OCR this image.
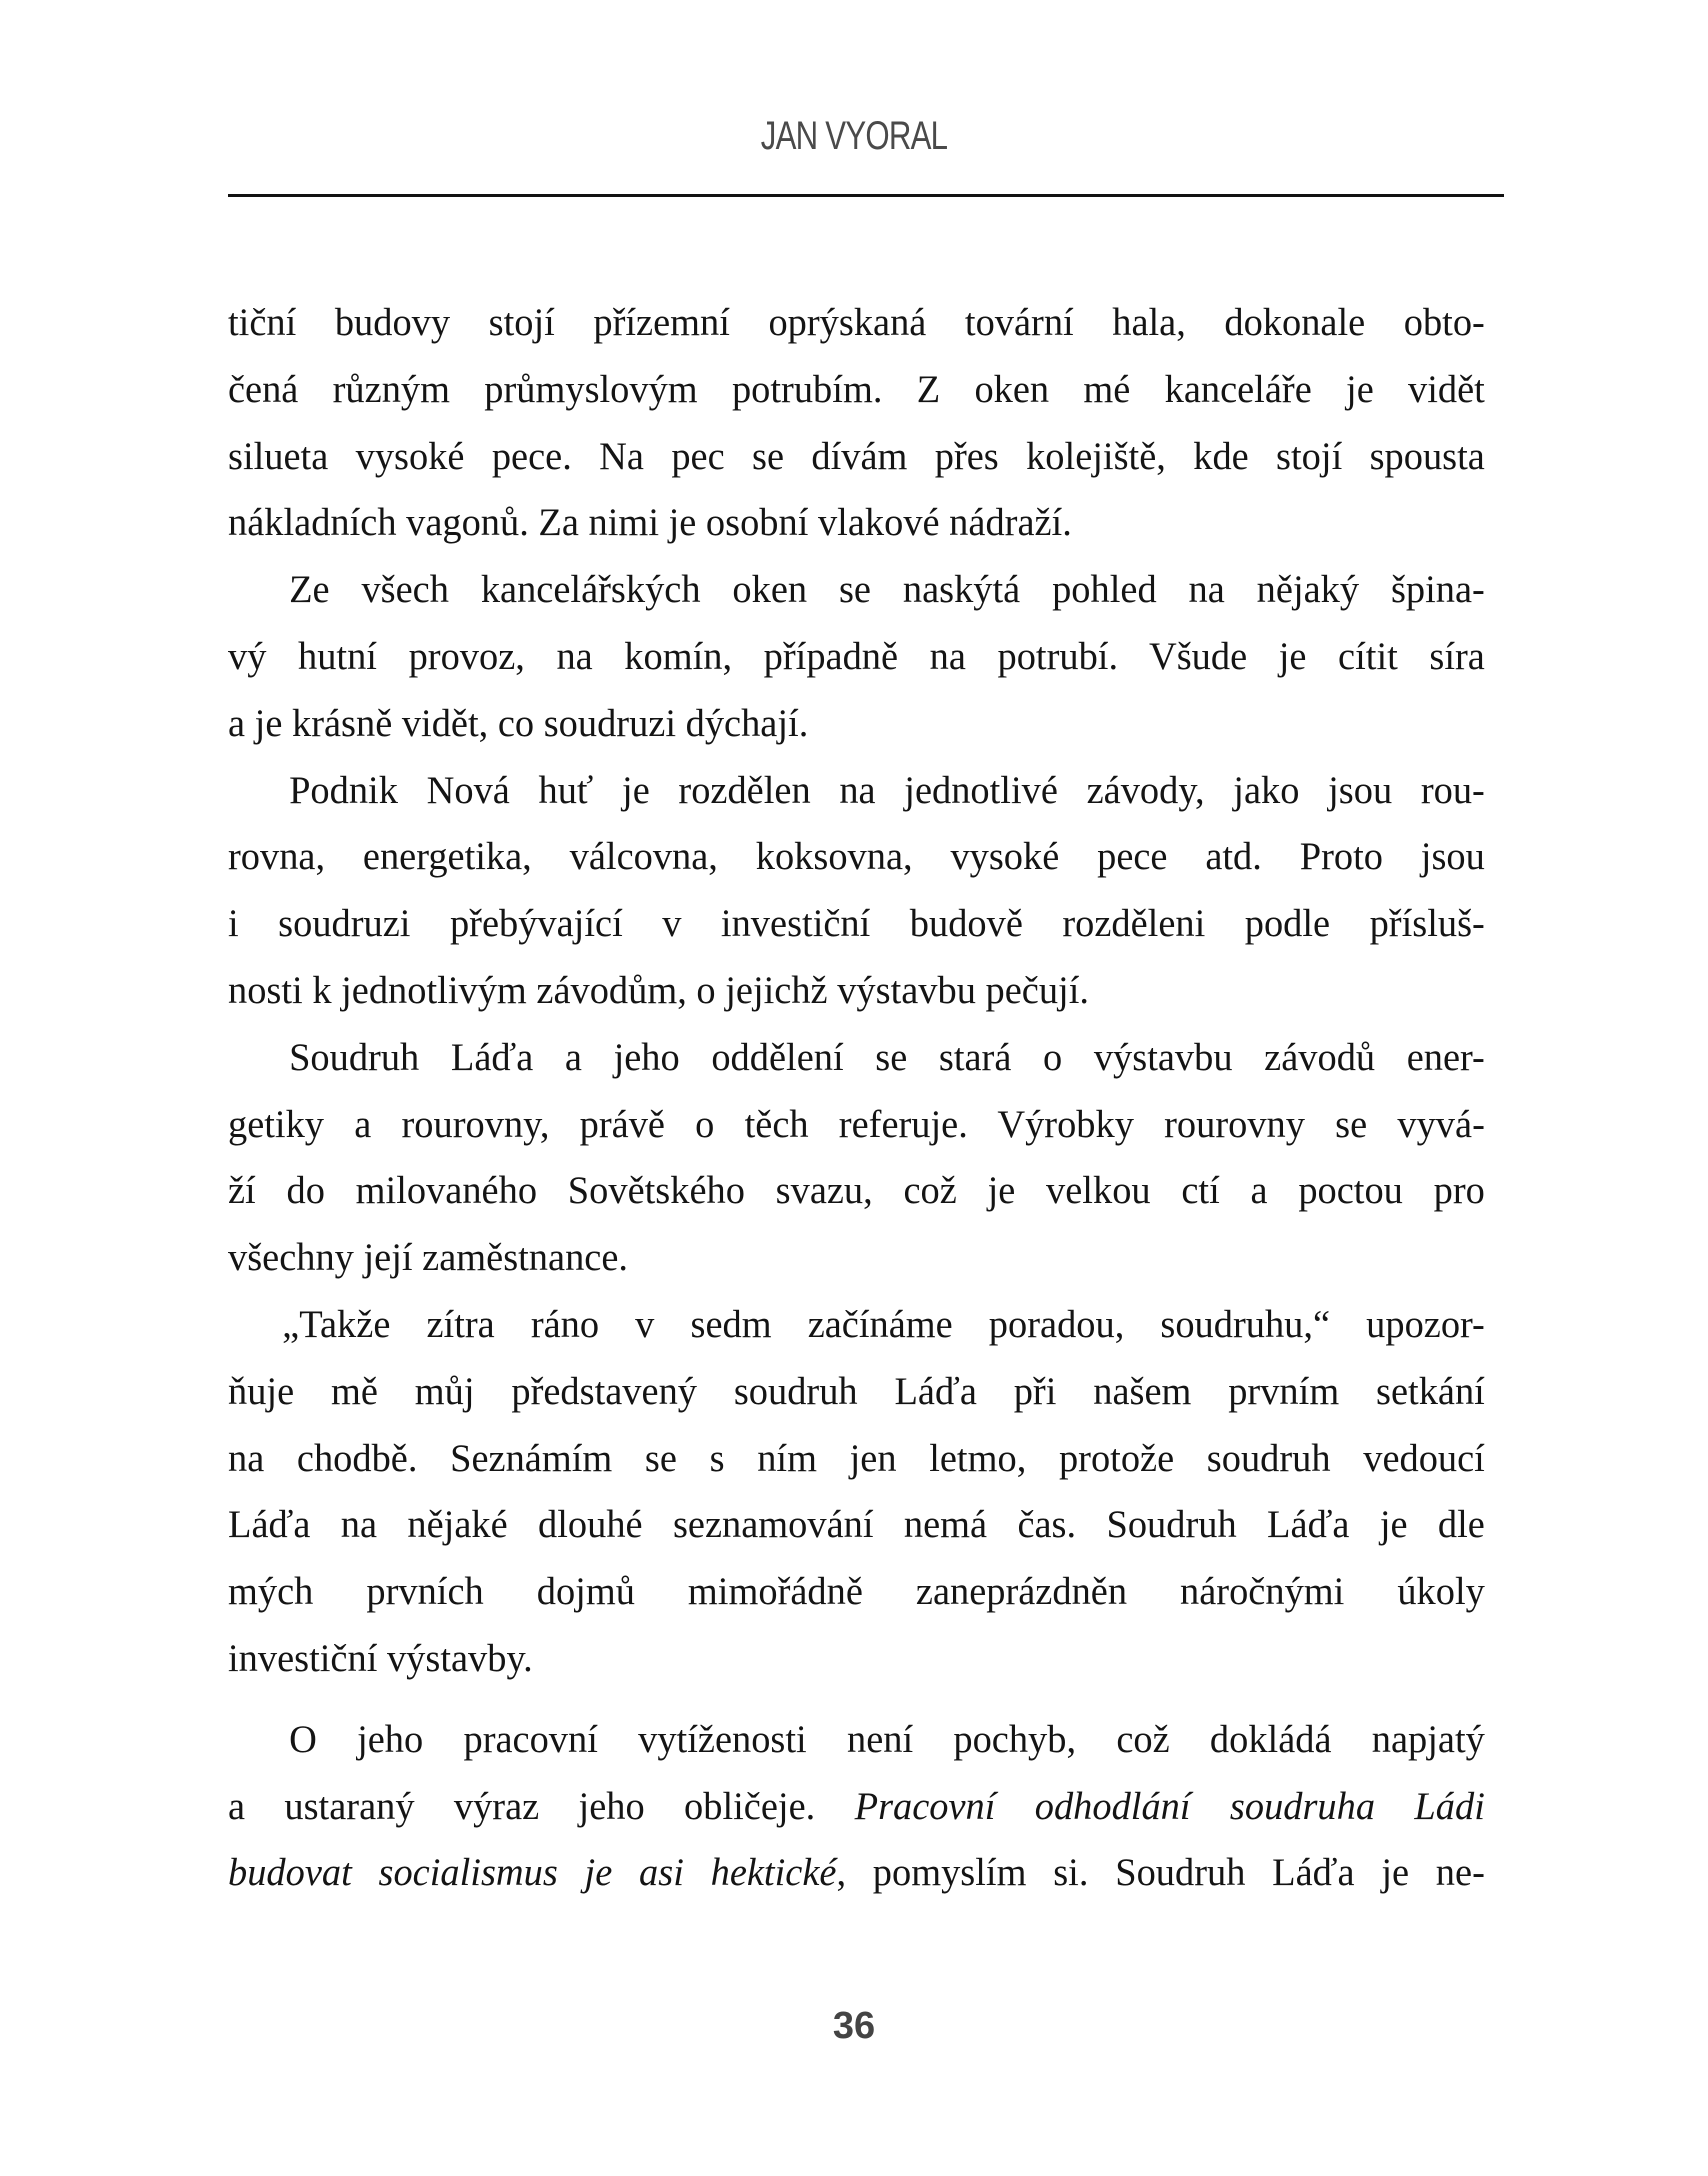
JAN VYORAL
tiční budovy stojí přízemní oprýskaná tovární hala, dokonale obto-
čená různým průmyslovým potrubím. Z oken mé kanceláře je vidět
silueta vysoké pece. Na pec se dívám přes kolejiště, kde stojí spousta
nákladních vagonů. Za nimi je osobní vlakové nádraží.
Ze všech kancelářských oken se naskýtá pohled na nějaký špina-
vý hutní provoz, na komín, případně na potrubí. Všude je cítit síra
a je krásně vidět, co soudruzi dýchají.
Podnik Nová huť je rozdělen na jednotlivé závody, jako jsou rou-
rovna, energetika, válcovna, koksovna, vysoké pece atd. Proto jsou
i soudruzi přebývající v investiční budově rozděleni podle přísluš-
nosti k jednotlivým závodům, o jejichž výstavbu pečují.
Soudruh Láďa a jeho oddělení se stará o výstavbu závodů ener-
getiky a rourovny, právě o těch referuje. Výrobky rourovny se vyvá-
ží do milovaného Sovětského svazu, což je velkou ctí a poctou pro
všechny její zaměstnance.
„Takže zítra ráno v sedm začínáme poradou, soudruhu,“ upozor-
ňuje mě můj představený soudruh Láďa při našem prvním setkání
na chodbě. Seznámím se s ním jen letmo, protože soudruh vedoucí
Láďa na nějaké dlouhé seznamování nemá čas. Soudruh Láďa je dle
mých prvních dojmů mimořádně zaneprázdněn náročnými úkoly
investiční výstavby.
O jeho pracovní vytíženosti není pochyb, což dokládá napjatý
a ustaraný výraz jeho obličeje. Pracovní odhodlání soudruha Ládi
budovat socialismus je asi hektické, pomyslím si. Soudruh Láďa je ne-
36
